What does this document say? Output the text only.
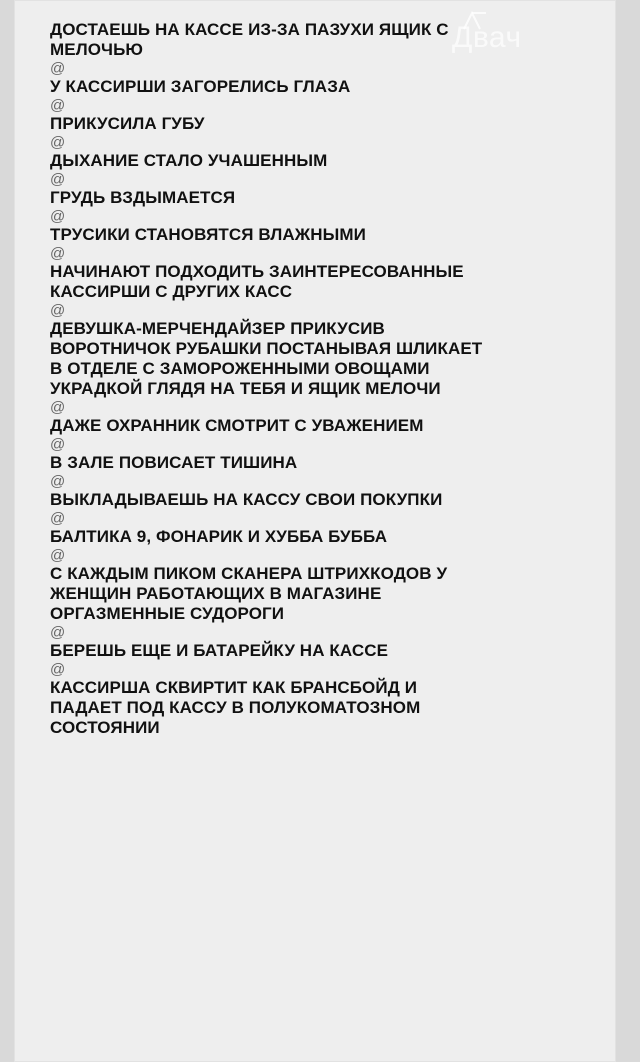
ДОСТАЕШЬ НА КАССЕ ИЗ-ЗА ПАЗУХИ ЯЩИК С

МЕЛОЧЬЮ

@

У КАССИРШИ ЗАГОРЕЛИСЬ ГЛАЗА

@

ПРИКУСИЛА ГУБУ

@

ДЫХАНИЕ СТАЛО УЧАШЕННЫМ

@

ГРУДЬ ВЗДЫМАЕТСЯ

@

ТРУСИКИ СТАНОВЯТСЯ ВЛАЖНЫМИ

@

НАЧИНАЮТ ПОДХОДИТЬ ЗАИНТЕРЕСОВАННЫЕ

КАССИРШИ С ДРУГИХ КАСС

@

ДЕВУШКА-МЕРЧЕНДАЙЗЕР ПРИКУСИВ

ВОРОТНИЧОК РУБАШКИ ПОСТАНЫВАЯ ШЛИКАЕТ

В ОТДЕЛЕ С ЗАМОРОЖЕННЫМИ ОВОЩАМИ

УКРАДКОЙ ГЛЯДЯ НА ТЕБЯ И ЯЩИК МЕЛОЧИ

@

ДАЖЕ ОХРАННИК СМОТРИТ С УВАЖЕНИЕМ

@

В ЗАЛЕ ПОВИСАЕТ ТИШИНА

@

ВЫКЛАДЫВАЕШЬ НА КАССУ СВОИ ПОКУПКИ

@

БАЛТИКА 9, ФОНАРИК И ХУББА БУББА

@

С КАЖДЫМ ПИКОМ СКАНЕРА ШТРИХКОДОВ У

ЖЕНЩИН РАБОТАЮЩИХ В МАГАЗИНЕ

ОРГАЗМЕННЫЕ СУДОРОГИ

@

БЕРЕШЬ ЕЩЕ И БАТАРЕЙКУ НА КАССЕ

@

КАССИРША СКВИРТИТ КАК БРАНСБОЙД И

ПАДАЕТ ПОД КАССУ В ПОЛУКОМАТОЗНОМ

СОСТОЯНИИ

Двач
